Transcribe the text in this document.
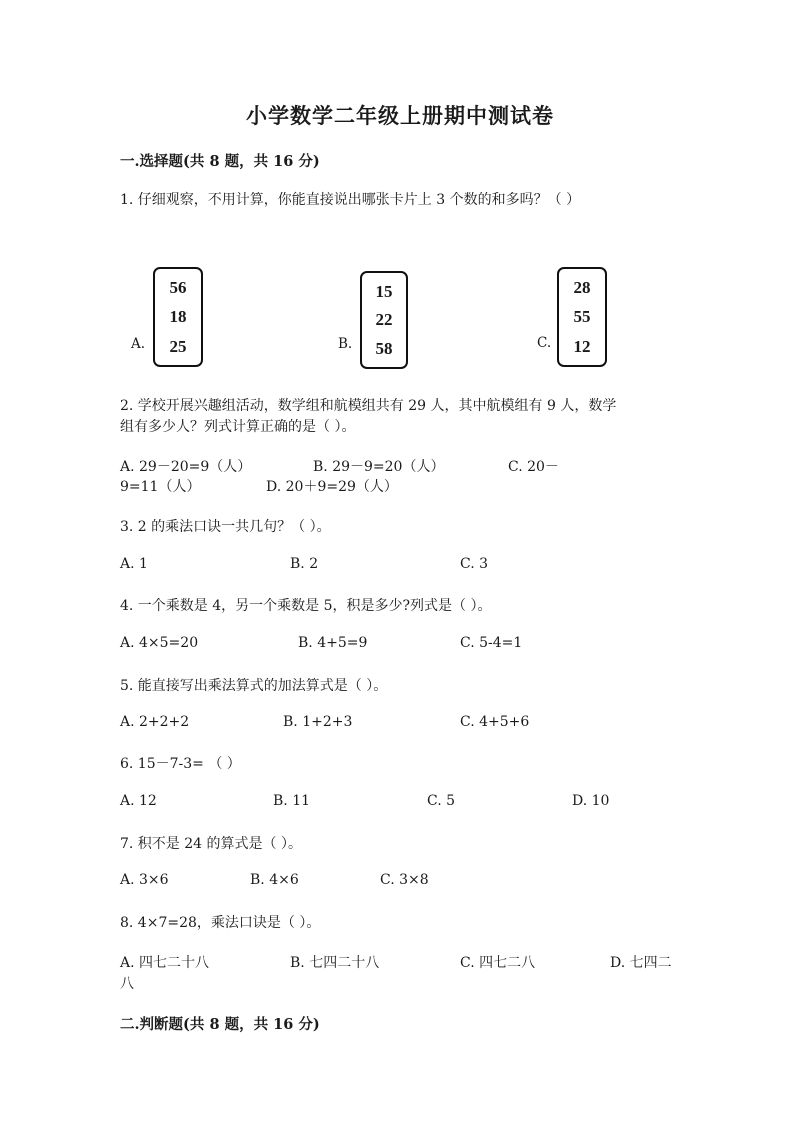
小学数学二年级上册期中测试卷
一.选择题(共 8 题，共 16 分)
1. 仔细观察，不用计算，你能直接说出哪张卡片上 3 个数的和多吗？（ ）
A.
56
18
25	B.
15
22
58	C.
28
55
12
2. 学校开展兴趣组活动，数学组和航模组共有 29 人，其中航模组有 9 人，数学
组有多少人？列式计算正确的是（ ）。
A. 29－20=9（人）	B. 29－9=20（人）	C. 20－
9=11（人）	D. 20＋9=29（人）
3. 2 的乘法口诀一共几句？（ ）。
A. 1	B. 2	C. 3
4. 一个乘数是 4，另一个乘数是 5，积是多少?列式是（ ）。
A. 4×5=20	B. 4+5=9	C. 5-4=1
5. 能直接写出乘法算式的加法算式是（ ）。
A. 2+2+2	B. 1+2+3	C. 4+5+6
6. 15－7-3= （ ）
A. 12	B. 11	C. 5	D. 10
7. 积不是 24 的算式是（ ）。
A. 3×6	B. 4×6	C. 3×8
8. 4×7=28，乘法口诀是（ ）。
A. 四七二十八	B. 七四二十八	C. 四七二八	D. 七四二
八
二.判断题(共 8 题，共 16 分)
